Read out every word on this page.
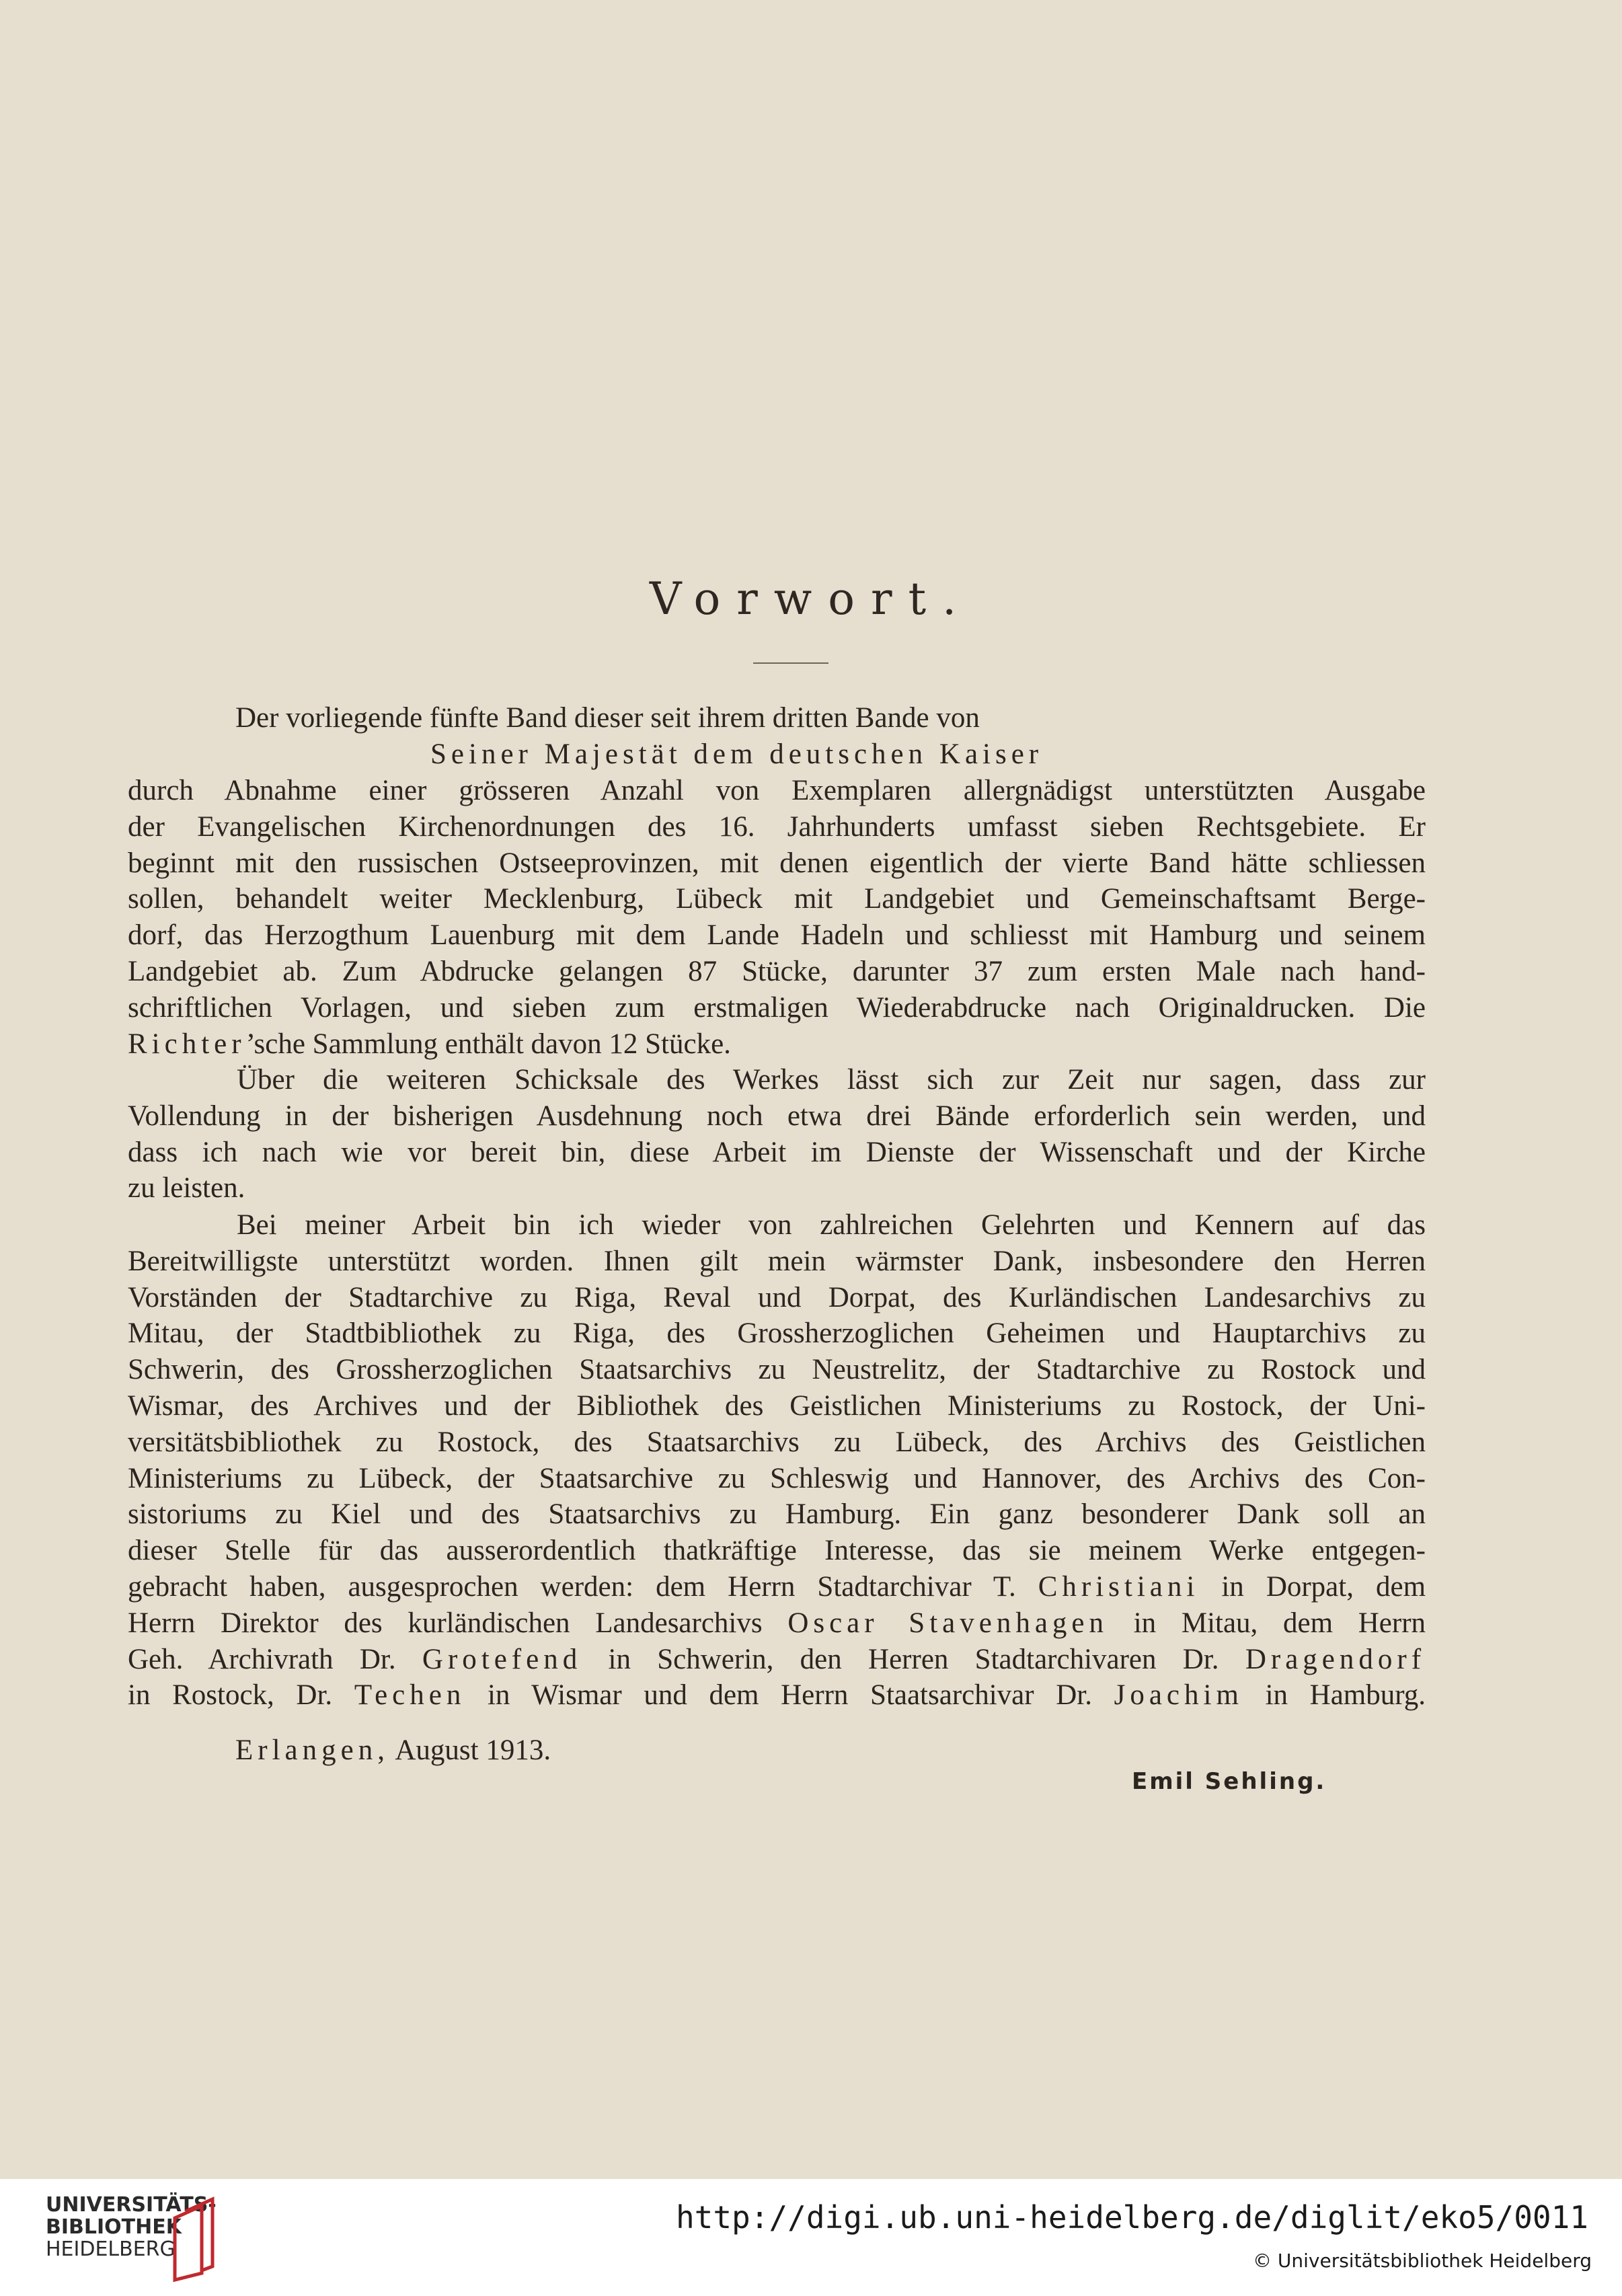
Vorwort.
Der vorliegende fünfte Band dieser seit ihrem dritten Bande von
Seiner Majestät dem deutschen Kaiser
durch Abnahme einer grösseren Anzahl von Exemplaren allergnädigst unterstützten Ausgabe
der Evangelischen Kirchenordnungen des 16. Jahrhunderts umfasst sieben Rechtsgebiete. Er
beginnt mit den russischen Ostseeprovinzen, mit denen eigentlich der vierte Band hätte schliessen
sollen, behandelt weiter Mecklenburg, Lübeck mit Landgebiet und Gemeinschaftsamt Berge-
dorf, das Herzogthum Lauenburg mit dem Lande Hadeln und schliesst mit Hamburg und seinem
Landgebiet ab. Zum Abdrucke gelangen 87 Stücke, darunter 37 zum ersten Male nach hand-
schriftlichen Vorlagen, und sieben zum erstmaligen Wiederabdrucke nach Originaldrucken. Die
Richter’sche Sammlung enthält davon 12 Stücke.
Über die weiteren Schicksale des Werkes lässt sich zur Zeit nur sagen, dass zur
Vollendung in der bisherigen Ausdehnung noch etwa drei Bände erforderlich sein werden, und
dass ich nach wie vor bereit bin, diese Arbeit im Dienste der Wissenschaft und der Kirche
zu leisten.
Bei meiner Arbeit bin ich wieder von zahlreichen Gelehrten und Kennern auf das
Bereitwilligste unterstützt worden. Ihnen gilt mein wärmster Dank, insbesondere den Herren
Vorständen der Stadtarchive zu Riga, Reval und Dorpat, des Kurländischen Landesarchivs zu
Mitau, der Stadtbibliothek zu Riga, des Grossherzoglichen Geheimen und Hauptarchivs zu
Schwerin, des Grossherzoglichen Staatsarchivs zu Neustrelitz, der Stadtarchive zu Rostock und
Wismar, des Archives und der Bibliothek des Geistlichen Ministeriums zu Rostock, der Uni-
versitätsbibliothek zu Rostock, des Staatsarchivs zu Lübeck, des Archivs des Geistlichen
Ministeriums zu Lübeck, der Staatsarchive zu Schleswig und Hannover, des Archivs des Con-
sistoriums zu Kiel und des Staatsarchivs zu Hamburg. Ein ganz besonderer Dank soll an
dieser Stelle für das ausserordentlich thatkräftige Interesse, das sie meinem Werke entgegen-
gebracht haben, ausgesprochen werden: dem Herrn Stadtarchivar T. Christiani in Dorpat, dem
Herrn Direktor des kurländischen Landesarchivs Oscar Stavenhagen in Mitau, dem Herrn
Geh. Archivrath Dr. Grotefend in Schwerin, den Herren Stadtarchivaren Dr. Dragendorf
in Rostock, Dr. Techen in Wismar und dem Herrn Staatsarchivar Dr. Joachim in Hamburg.
Erlangen, August 1913.
Emil Sehling.
UNIVERSITÄTS-
BIBLIOTHEK
HEIDELBERG
http://digi.ub.uni-heidelberg.de/diglit/eko5/0011
© Universitätsbibliothek Heidelberg
